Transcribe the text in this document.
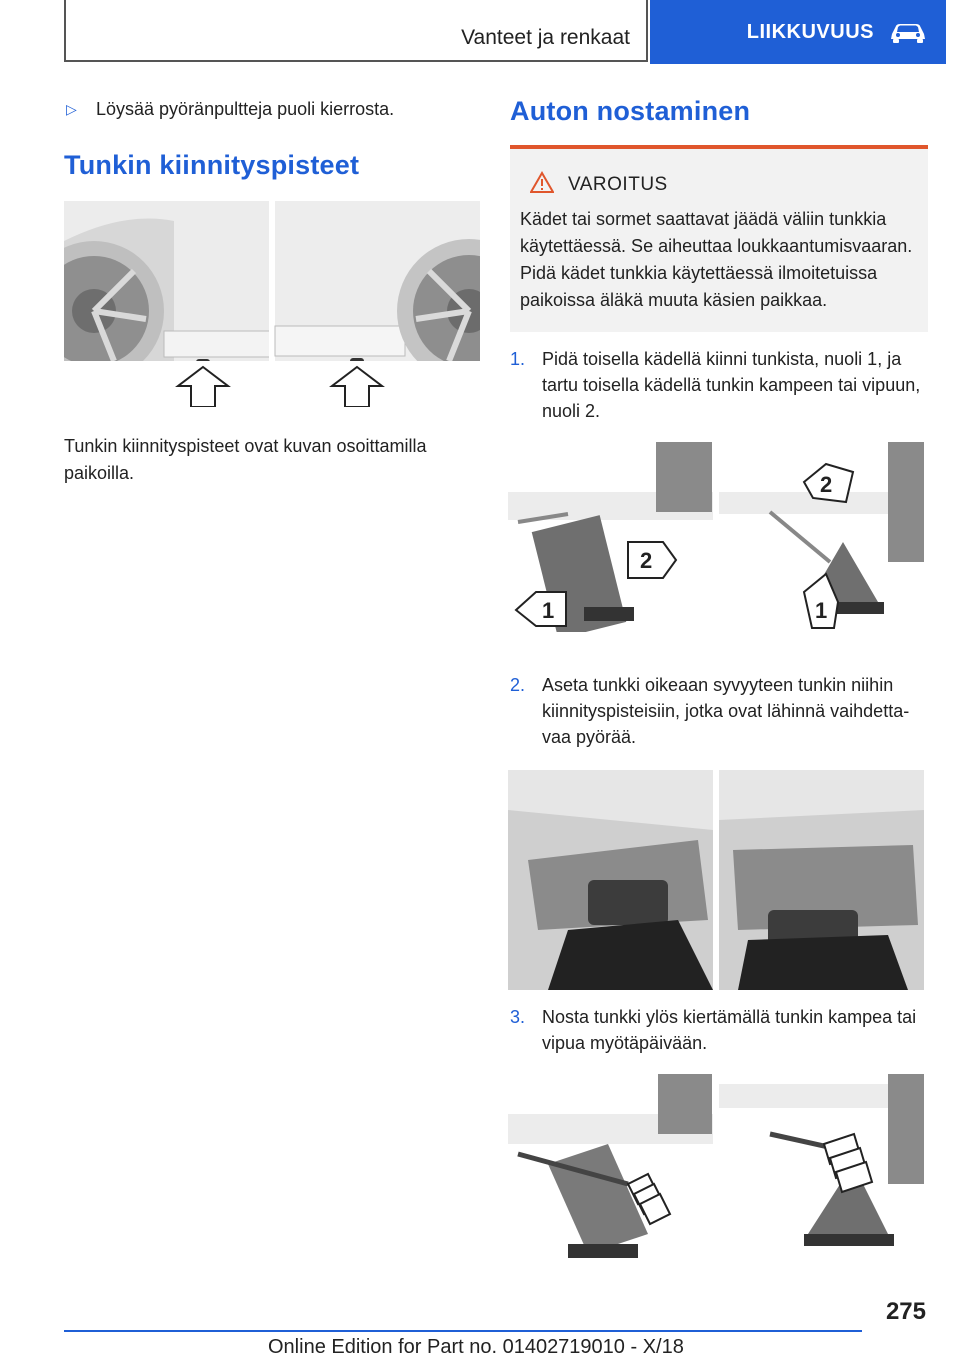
Vanteet ja renkaat	LIIKKUVUUS
▷	Löysää pyöränpultteja puoli kierrosta.
Tunkin kiinnityspisteet
Tunkin kiinnityspisteet ovat kuvan osoittamilla paikoilla.
Auton nostaminen
VAROITUS
Kädet tai sormet saattavat jäädä väliin tunkkia käytettäessä. Se aiheuttaa loukkaantumisvaaran. Pidä kädet tunkkia käytettäessä ilmoitetuissa paikoissa äläkä muuta käsien paikkaa.
1. Pidä toisella kädellä kiinni tunkista, nuoli 1, ja tartu toisella kädellä tunkin kampeen tai vipuun, nuoli 2.
2
1
2
1
2. Aseta tunkki oikeaan syvyyteen tunkin niihin kiinnityspisteisiin, jotka ovat lähinnä vaihdettavaa pyörää.
3. Nosta tunkki ylös kiertämällä tunkin kampea tai vipua myötäpäivään.
275
Online Edition for Part no. 01402719010 - X/18
